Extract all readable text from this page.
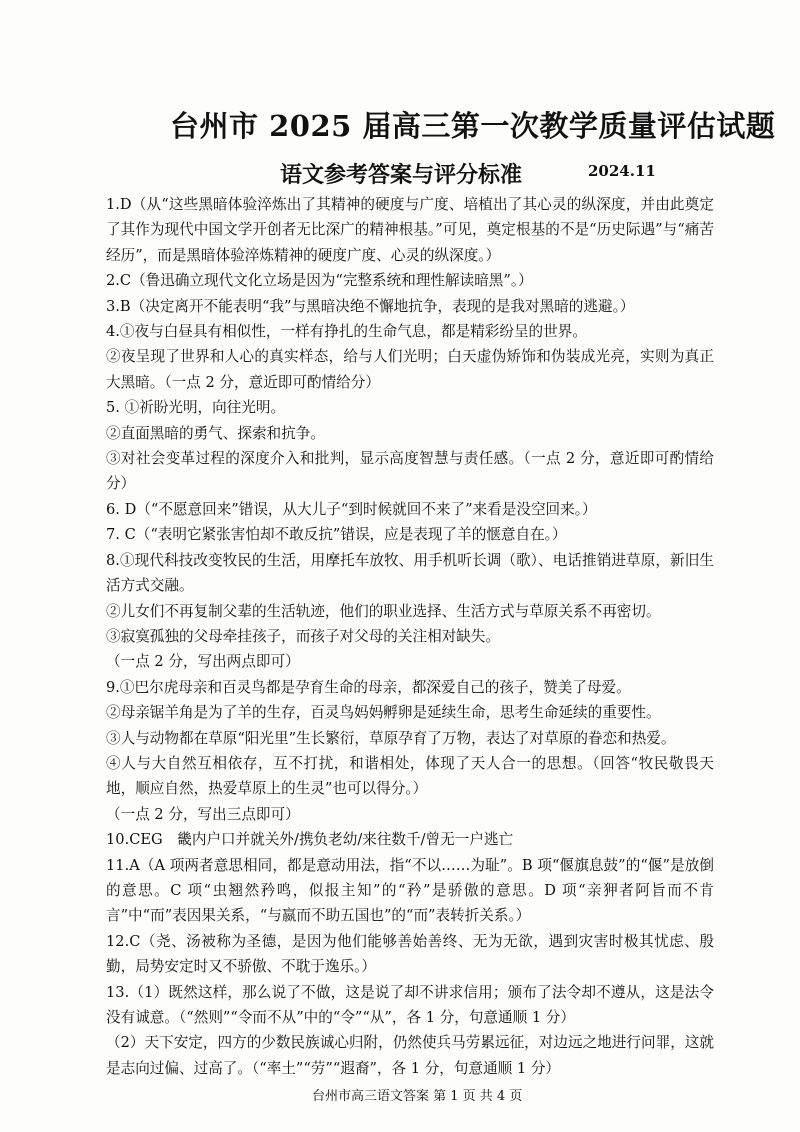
台州市 2025 届高三第一次教学质量评估试题
语文参考答案与评分标准	2024.11

1.D（从“这些黑暗体验淬炼出了其精神的硬度与广度、培植出了其心灵的纵深度，并由此奠定了其作为现代中国文学开创者无比深广的精神根基。”可见，奠定根基的不是“历史际遇”与“痛苦经历”，而是黑暗体验淬炼精神的硬度广度、心灵的纵深度。）

2.C（鲁迅确立现代文化立场是因为“完整系统和理性解读暗黑”。）

3.B（决定离开不能表明“我”与黑暗决绝不懈地抗争，表现的是我对黑暗的逃避。）

4.①夜与白昼具有相似性，一样有挣扎的生命气息，都是精彩纷呈的世界。

②夜呈现了世界和人心的真实样态，给与人们光明；白天虚伪矫饰和伪装成光亮，实则为真正大黑暗。（一点 2 分，意近即可酌情给分）

5. ①祈盼光明，向往光明。

②直面黑暗的勇气、探索和抗争。

③对社会变革过程的深度介入和批判，显示高度智慧与责任感。（一点 2 分，意近即可酌情给分）

6. D（“不愿意回来”错误，从大儿子“到时候就回不来了”来看是没空回来。）

7. C（“表明它紧张害怕却不敢反抗”错误，应是表现了羊的惬意自在。）

8.①现代科技改变牧民的生活，用摩托车放牧、用手机听长调（歌）、电话推销进草原，新旧生活方式交融。

②儿女们不再复制父辈的生活轨迹，他们的职业选择、生活方式与草原关系不再密切。

③寂寞孤独的父母牵挂孩子，而孩子对父母的关注相对缺失。

（一点 2 分，写出两点即可）

9.①巴尔虎母亲和百灵鸟都是孕育生命的母亲，都深爱自己的孩子，赞美了母爱。

②母亲锯羊角是为了羊的生存，百灵鸟妈妈孵卵是延续生命，思考生命延续的重要性。

③人与动物都在草原“阳光里”生长繁衍，草原孕育了万物，表达了对草原的眷恋和热爱。

④人与大自然互相依存，互不打扰，和谐相处，体现了天人合一的思想。（回答“牧民敬畏天地，顺应自然，热爱草原上的生灵”也可以得分。）

（一点 2 分，写出三点即可）

10.CEG　畿内户口并就关外/携负老幼/来往数千/曾无一户逃亡

11.A（A 项两者意思相同，都是意动用法，指“不以……为耻”。B 项“偃旗息鼓”的“偃”是放倒的意思。C 项“虫翘然矜鸣，似报主知”的“矜”是骄傲的意思。D 项“亲狎者阿旨而不肯言”中“而”表因果关系，“与嬴而不助五国也”的“而”表转折关系。）

12.C（尧、汤被称为圣德，是因为他们能够善始善终、无为无欲，遇到灾害时极其忧虑、殷勤，局势安定时又不骄傲、不耽于逸乐。）

13.（1）既然这样，那么说了不做，这是说了却不讲求信用；颁布了法令却不遵从，这是法令没有诚意。（“然则”“令而不从”中的“令”“从”，各 1 分，句意通顺 1 分）

（2）天下安定，四方的少数民族诚心归附，仍然使兵马劳累远征，对边远之地进行问罪，这就是志向过偏、过高了。（“率土”“劳”“遐裔”，各 1 分，句意通顺 1 分）

台州市高三语文答案 第 1 页 共 4 页
